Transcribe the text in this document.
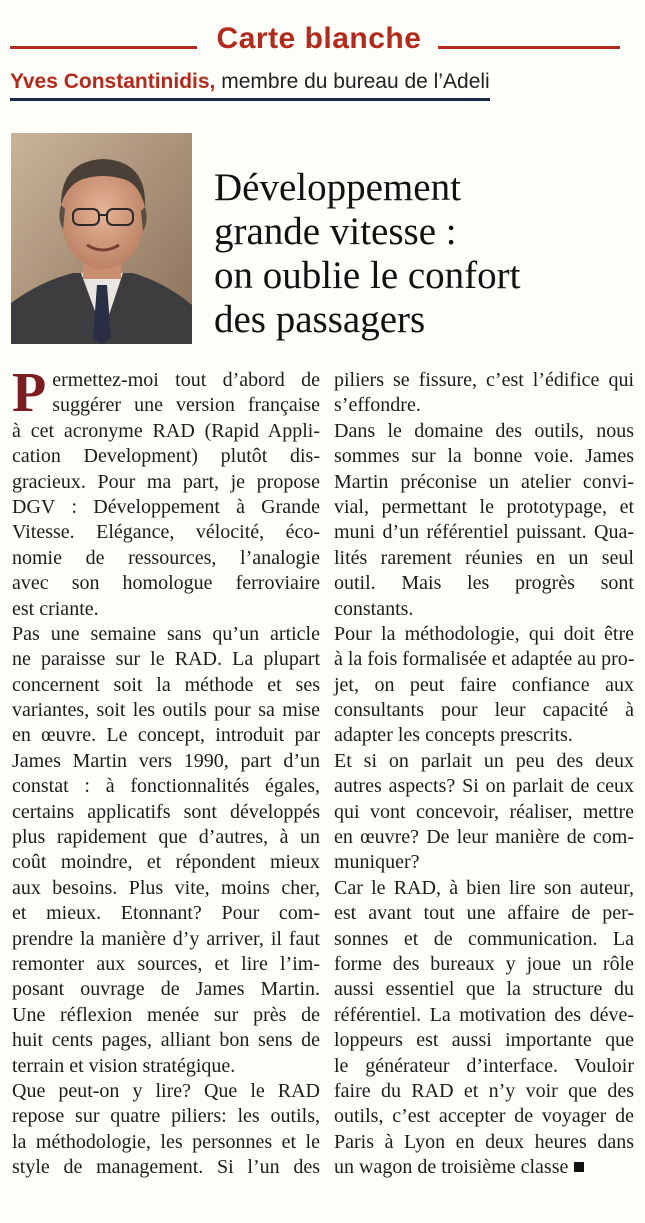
Carte blanche
Yves Constantinidis, membre du bureau de l’Adeli
Développement
grande vitesse :
on oublie le confort
des passagers
P ermettez-moi tout d’abord de
suggérer une version française
à cet acronyme RAD (Rapid Appli-
cation Development) plutôt dis-
gracieux. Pour ma part, je propose
DGV : Développement à Grande
Vitesse. Elégance, vélocité, éco-
nomie de ressources, l’analogie
avec son homologue ferroviaire
est criante.
Pas une semaine sans qu’un article
ne paraisse sur le RAD. La plupart
concernent soit la méthode et ses
variantes, soit les outils pour sa mise
en œuvre. Le concept, introduit par
James Martin vers 1990, part d’un
constat : à fonctionnalités égales,
certains applicatifs sont développés
plus rapidement que d’autres, à un
coût moindre, et répondent mieux
aux besoins. Plus vite, moins cher,
et mieux. Etonnant? Pour com-
prendre la manière d’y arriver, il faut
remonter aux sources, et lire l’im-
posant ouvrage de James Martin.
Une réflexion menée sur près de
huit cents pages, alliant bon sens de
terrain et vision stratégique.
Que peut-on y lire? Que le RAD
repose sur quatre piliers: les outils,
la méthodologie, les personnes et le
style de management. Si l’un des
piliers se fissure, c’est l’édifice qui
s’effondre.
Dans le domaine des outils, nous
sommes sur la bonne voie. James
Martin préconise un atelier convi-
vial, permettant le prototypage, et
muni d’un référentiel puissant. Qua-
lités rarement réunies en un seul
outil. Mais les progrès sont
constants.
Pour la méthodologie, qui doit être
à la fois formalisée et adaptée au pro-
jet, on peut faire confiance aux
consultants pour leur capacité à
adapter les concepts prescrits.
Et si on parlait un peu des deux
autres aspects? Si on parlait de ceux
qui vont concevoir, réaliser, mettre
en œuvre? De leur manière de com-
muniquer?
Car le RAD, à bien lire son auteur,
est avant tout une affaire de per-
sonnes et de communication. La
forme des bureaux y joue un rôle
aussi essentiel que la structure du
référentiel. La motivation des déve-
loppeurs est aussi importante que
le générateur d’interface. Vouloir
faire du RAD et n’y voir que des
outils, c’est accepter de voyager de
Paris à Lyon en deux heures dans
un wagon de troisième classe
